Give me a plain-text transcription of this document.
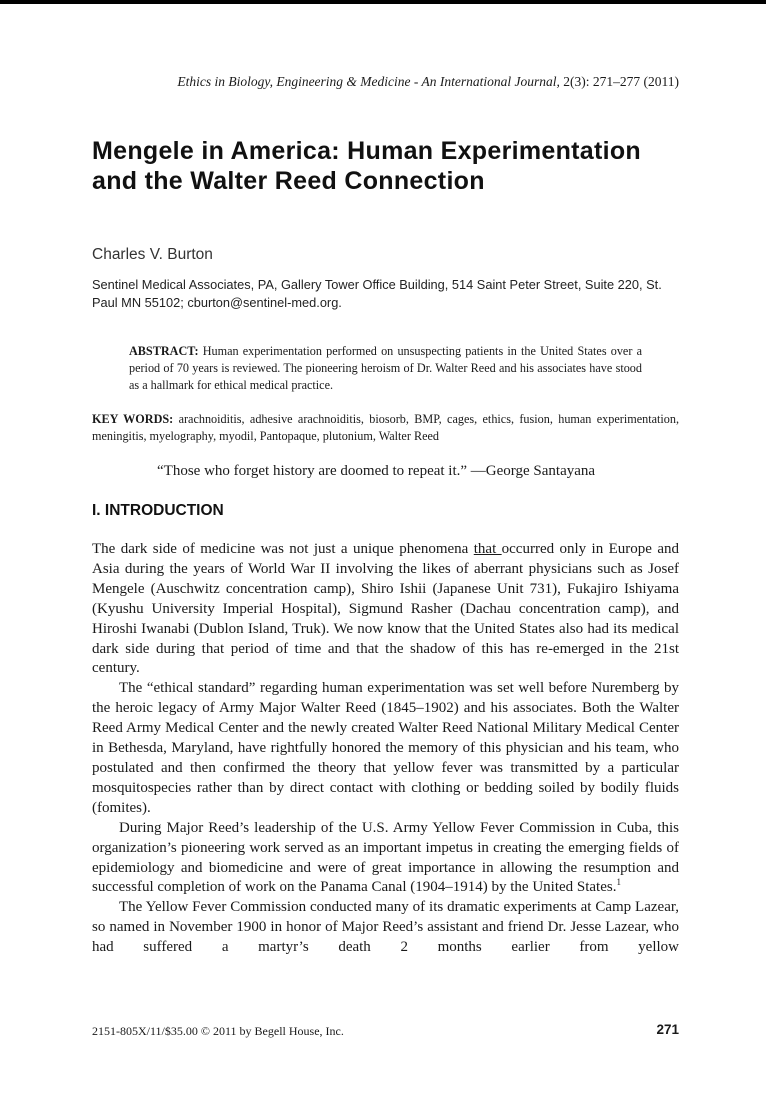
Ethics in Biology, Engineering & Medicine - An International Journal, 2(3): 271–277 (2011)
Mengele in America: Human Experimentation and the Walter Reed Connection
Charles V. Burton
Sentinel Medical Associates, PA, Gallery Tower Office Building, 514 Saint Peter Street, Suite 220, St. Paul MN 55102; cburton@sentinel-med.org.
ABSTRACT: Human experimentation performed on unsuspecting patients in the United States over a period of 70 years is reviewed. The pioneering heroism of Dr. Walter Reed and his associates have stood as a hallmark for ethical medical practice.
KEY WORDS: arachnoiditis, adhesive arachnoiditis, biosorb, BMP, cages, ethics, fusion, human experimentation, meningitis, myelography, myodil, Pantopaque, plutonium, Walter Reed
“Those who forget history are doomed to repeat it.” —George Santayana
I. INTRODUCTION

The dark side of medicine was not just a unique phenomena that occurred only in Europe and Asia during the years of World War II involving the likes of aberrant physicians such as Josef Mengele (Auschwitz concentration camp), Shiro Ishii (Japanese Unit 731), Fukajiro Ishiyama (Kyushu University Imperial Hospital), Sigmund Rasher (Dachau concentration camp), and Hiroshi Iwanabi (Dublon Island, Truk). We now know that the United States also had its medical dark side during that period of time and that the shadow of this has re-emerged in the 21st century.

The “ethical standard” regarding human experimentation was set well before Nuremberg by the heroic legacy of Army Major Walter Reed (1845–1902) and his associates. Both the Walter Reed Army Medical Center and the newly created Walter Reed National Military Medical Center in Bethesda, Maryland, have rightfully honored the memory of this physician and his team, who postulated and then confirmed the theory that yellow fever was transmitted by a particular mosquitospecies rather than by direct contact with clothing or bedding soiled by bodily fluids (fomites).

During Major Reed’s leadership of the U.S. Army Yellow Fever Commission in Cuba, this organization’s pioneering work served as an important impetus in creating the emerging fields of epidemiology and biomedicine and were of great importance in allowing the resumption and successful completion of work on the Panama Canal (1904–1914) by the United States.$^1$

The Yellow Fever Commission conducted many of its dramatic experiments at Camp Lazear, so named in November 1900 in honor of Major Reed’s assistant and friend Dr. Jesse Lazear, who had suffered a martyr’s death 2 months earlier from yellow

2151-805X/11/$35.00 © 2011 by Begell House, Inc.	271
